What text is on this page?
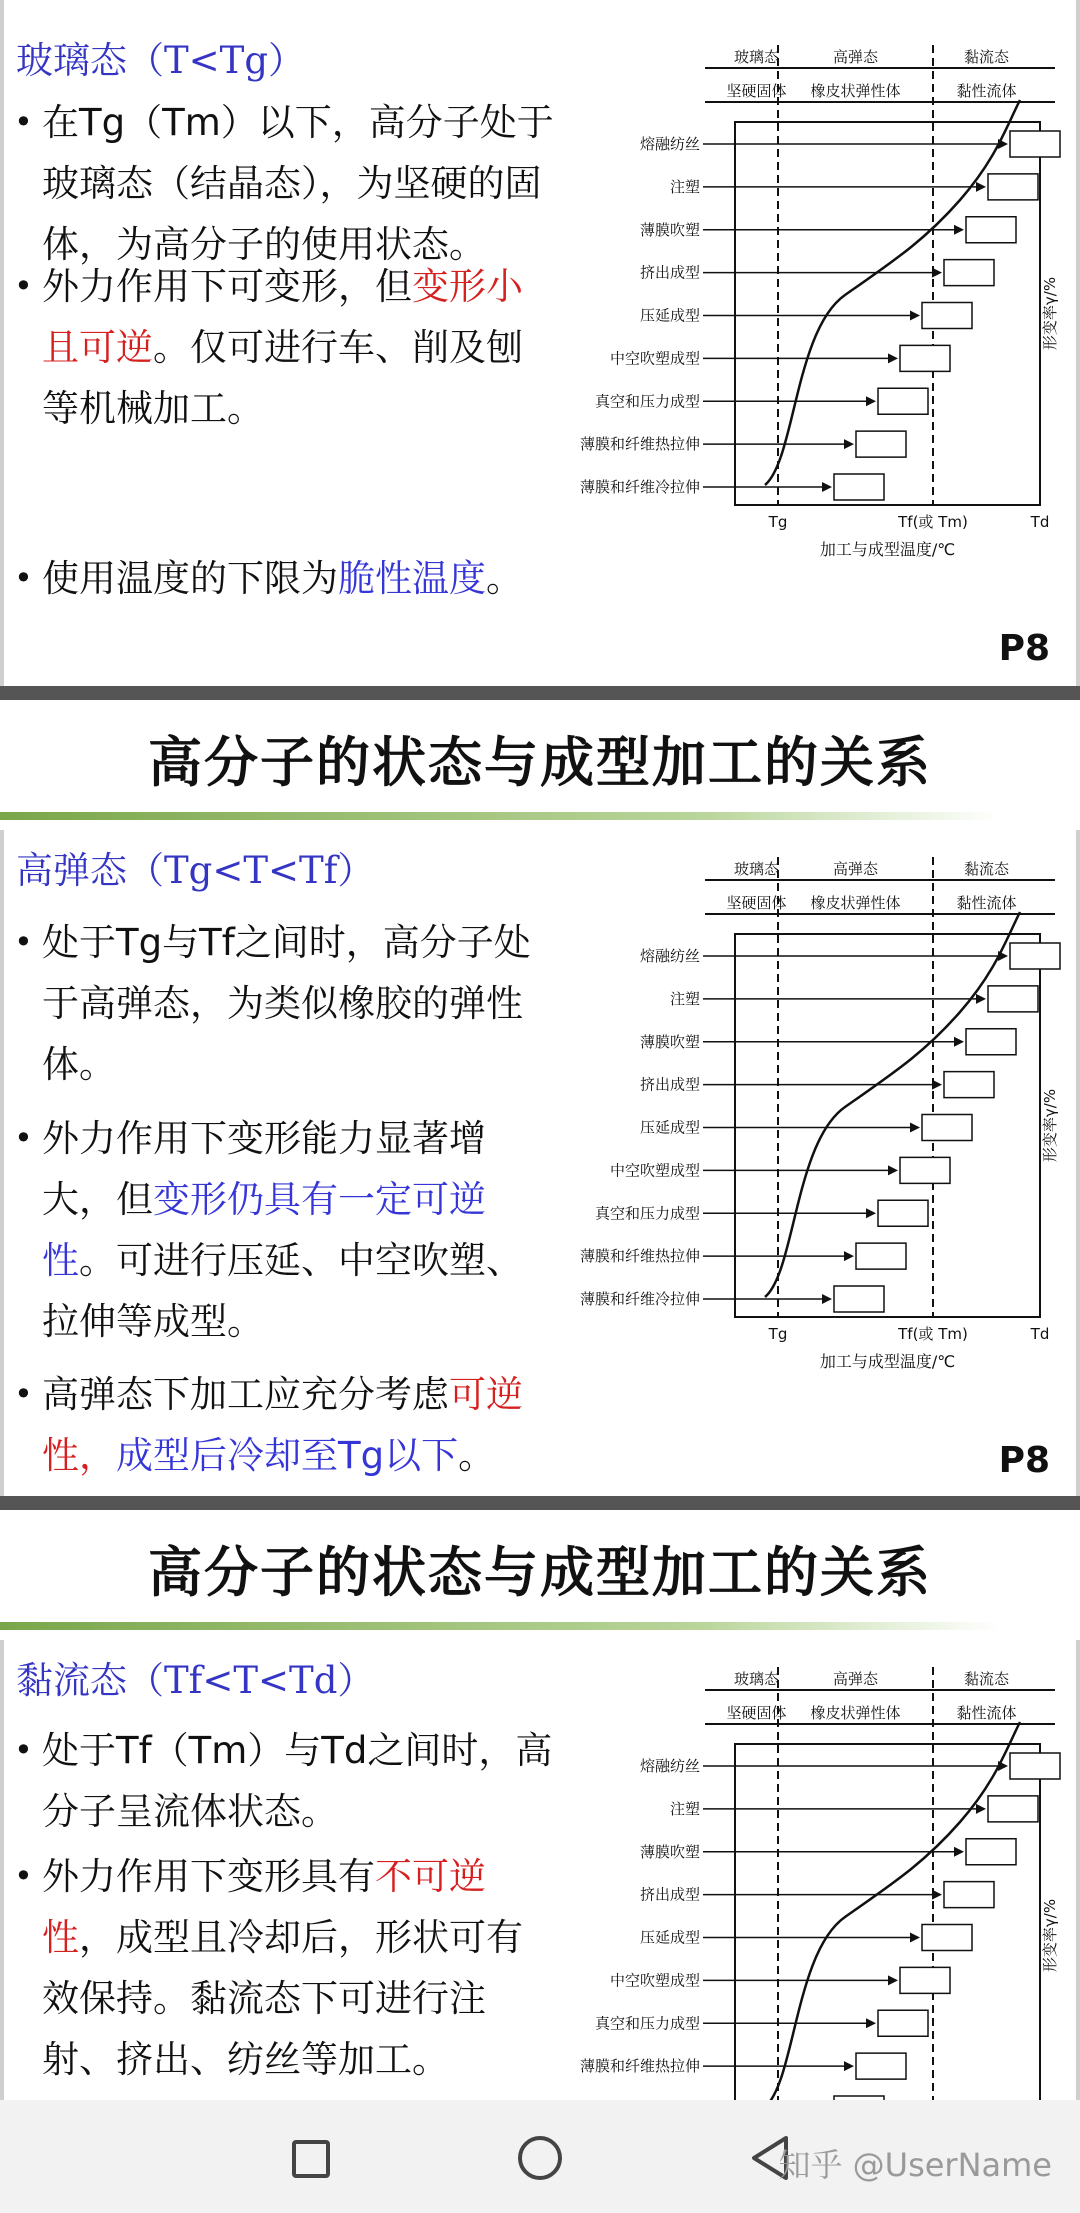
玻璃态（T<Tg）
• 在Tg（Tm）以下，高分子处于玻璃态（结晶态），为坚硬的固体，为高分子的使用状态。
• 外力作用下可变形，但变形小且可逆。仅可进行车、削及刨等机械加工。
• 使用温度的下限为脆性温度。
玻璃态	高弹态	黏流态
坚硬固体 橡皮状弹性体	黏性流体
熔融纺丝
注塑
薄膜吹塑
挤出成型
压延成型
中空吹塑成型
真空和压力成型
薄膜和纤维热拉伸
薄膜和纤维冷拉伸
Tg	Tf(或 Tm)	Td
加工与成型温度/℃
形变率γ/%
P8
高分子的状态与成型加工的关系
高弹态（Tg<T<Tf）
• 处于Tg与Tf之间时，高分子处于高弹态，为类似橡胶的弹性体。
• 外力作用下变形能力显著增大，但变形仍具有一定可逆性。可进行压延、中空吹塑、拉伸等成型。
• 高弹态下加工应充分考虑可逆性，成型后冷却至Tg以下。
玻璃态	高弹态	黏流态
坚硬固体 橡皮状弹性体	黏性流体
熔融纺丝
注塑
薄膜吹塑
挤出成型
压延成型
中空吹塑成型
真空和压力成型
薄膜和纤维热拉伸
薄膜和纤维冷拉伸
Tg	Tf(或 Tm)	Td
加工与成型温度/℃
形变率γ/%
P8
高分子的状态与成型加工的关系
黏流态（Tf<T<Td）
• 处于Tf（Tm）与Td之间时，高分子呈流体状态。
• 外力作用下变形具有不可逆性，成型且冷却后，形状可有效保持。黏流态下可进行注射、挤出、纺丝等加工。
玻璃态	高弹态	黏流态
坚硬固体 橡皮状弹性体	黏性流体
熔融纺丝
注塑
薄膜吹塑
挤出成型
压延成型
中空吹塑成型
真空和压力成型
薄膜和纤维热拉伸
形变率γ/%
知乎 @UserName
